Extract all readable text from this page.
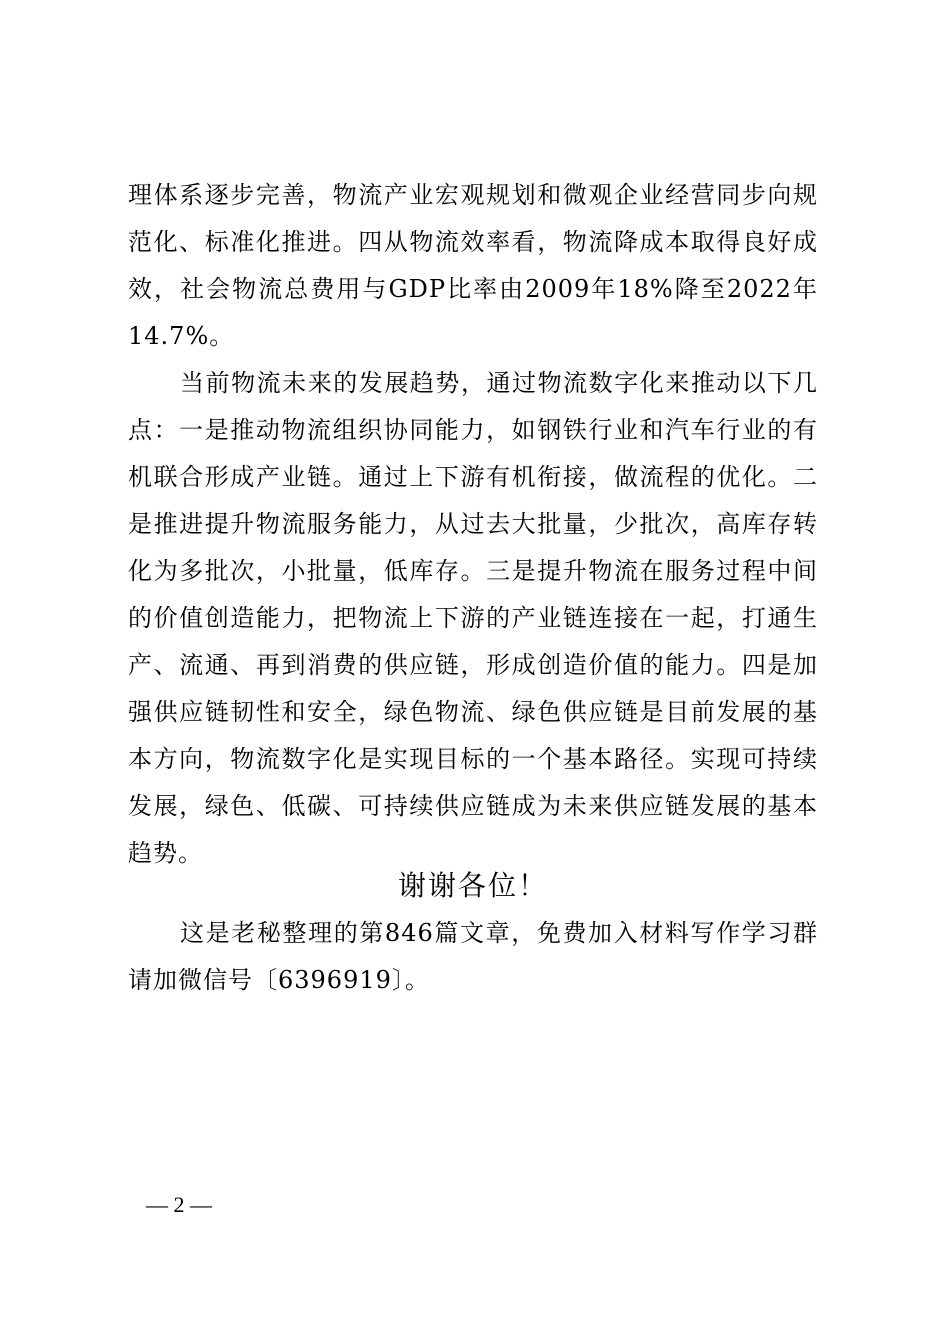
理体系逐步完善，物流产业宏观规划和微观企业经营同步向规范化、标准化推进。四从物流效率看，物流降成本取得良好成效，社会物流总费用与GDP比率由2009年18%降至2022年14.7%。

当前物流未来的发展趋势，通过物流数字化来推动以下几点：一是推动物流组织协同能力，如钢铁行业和汽车行业的有机联合形成产业链。通过上下游有机衔接，做流程的优化。二是推进提升物流服务能力，从过去大批量，少批次，高库存转化为多批次，小批量，低库存。三是提升物流在服务过程中间的价值创造能力，把物流上下游的产业链连接在一起，打通生产、流通、再到消费的供应链，形成创造价值的能力。四是加强供应链韧性和安全，绿色物流、绿色供应链是目前发展的基本方向，物流数字化是实现目标的一个基本路径。实现可持续发展，绿色、低碳、可持续供应链成为未来供应链发展的基本趋势。

谢谢各位！

这是老秘整理的第846篇文章，免费加入材料写作学习群请加微信号〔6396919〕。

— 2 —
